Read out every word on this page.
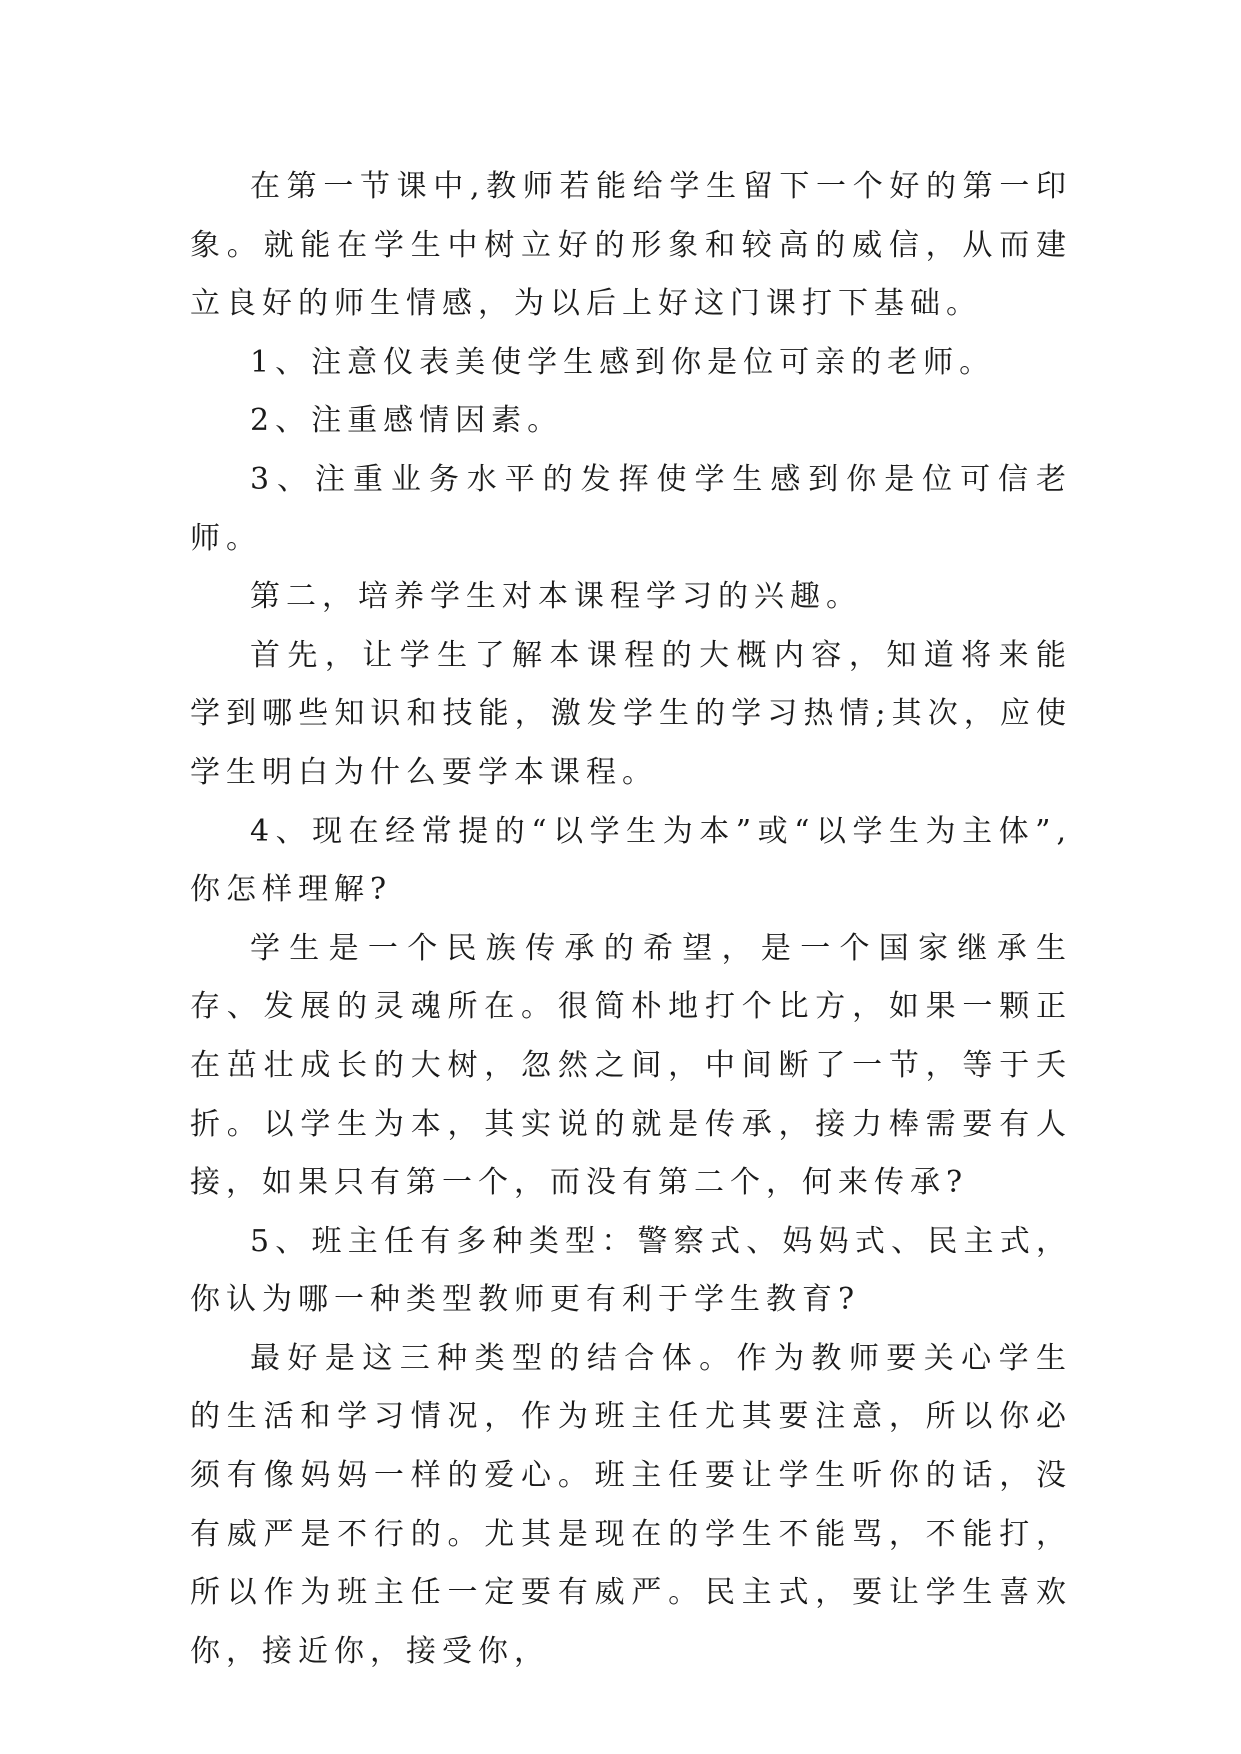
在第一节课中,教师若能给学生留下一个好的第一印象。就能在学生中树立好的形象和较高的威信，从而建立良好的师生情感，为以后上好这门课打下基础。

1、注意仪表美使学生感到你是位可亲的老师。

2、注重感情因素。

3、注重业务水平的发挥使学生感到你是位可信老师。

第二，培养学生对本课程学习的兴趣。

首先，让学生了解本课程的大概内容，知道将来能学到哪些知识和技能，激发学生的学习热情;其次，应使学生明白为什么要学本课程。

4、现在经常提的“以学生为本”或“以学生为主体”,你怎样理解?

学生是一个民族传承的希望，是一个国家继承生存、发展的灵魂所在。很简朴地打个比方，如果一颗正在茁壮成长的大树，忽然之间，中间断了一节，等于夭折。以学生为本，其实说的就是传承，接力棒需要有人接，如果只有第一个，而没有第二个，何来传承?

5、班主任有多种类型：警察式、妈妈式、民主式，你认为哪一种类型教师更有利于学生教育?

最好是这三种类型的结合体。作为教师要关心学生的生活和学习情况，作为班主任尤其要注意，所以你必须有像妈妈一样的爱心。班主任要让学生听你的话，没有威严是不行的。尤其是现在的学生不能骂，不能打，所以作为班主任一定要有威严。民主式，要让学生喜欢你，接近你，接受你，
